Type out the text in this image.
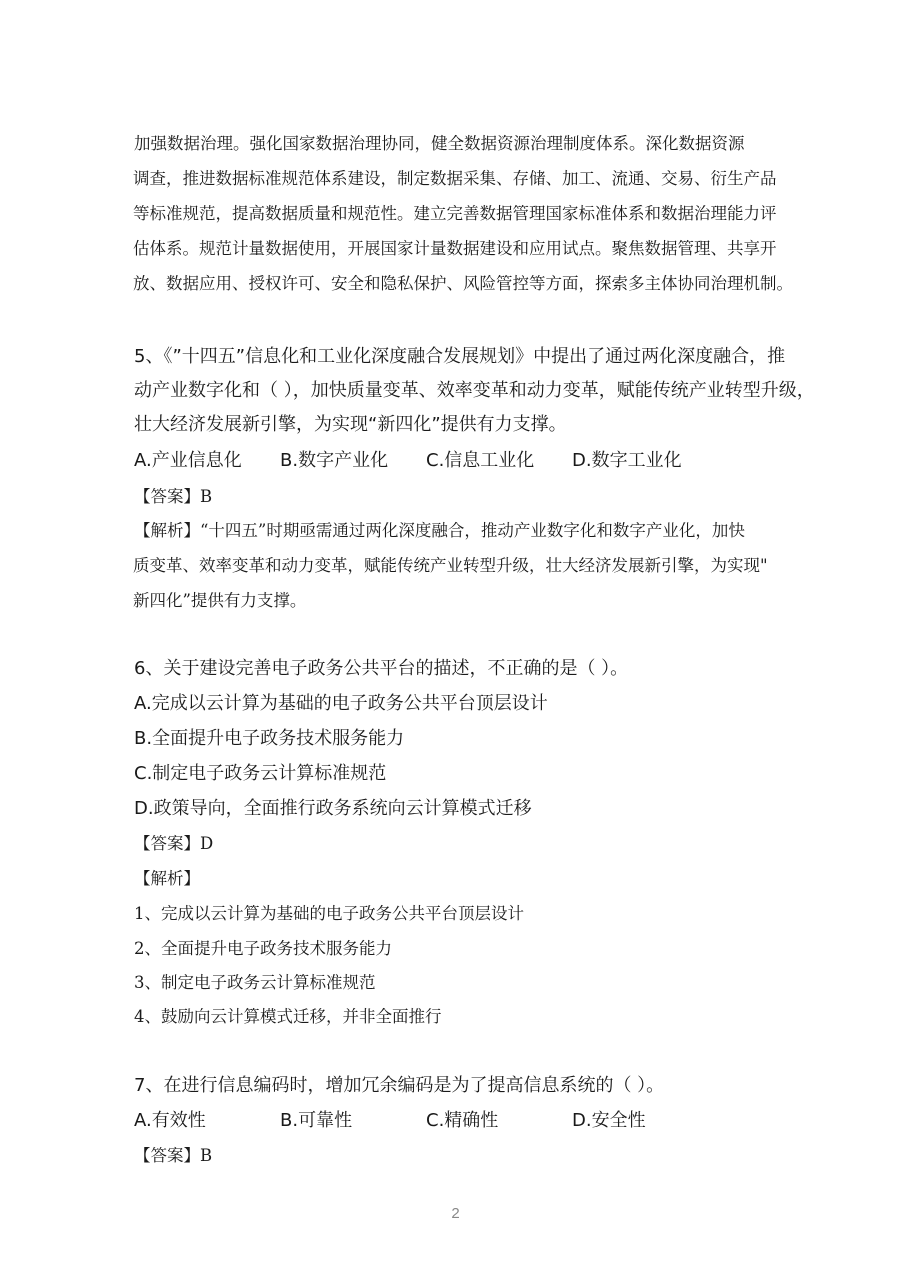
加强数据治理。强化国家数据治理协同，健全数据资源治理制度体系。深化数据资源
调查，推进数据标准规范体系建设，制定数据采集、存储、加工、流通、交易、衍生产品
等标准规范，提高数据质量和规范性。建立完善数据管理国家标准体系和数据治理能力评
估体系。规范计量数据使用，开展国家计量数据建设和应用试点。聚焦数据管理、共享开
放、数据应用、授权许可、安全和隐私保护、风险管控等方面，探索多主体协同治理机制。
5、《”十四五”信息化和工业化深度融合发展规划》中提出了通过两化深度融合，推
动产业数字化和（ ），加快质量变革、效率变革和动力变革，赋能传统产业转型升级，
壮大经济发展新引擎，为实现“新四化”提供有力支撑。
A.产业信息化 B.数字产业化 C.信息工业化 D.数字工业化
【答案】B
【解析】“十四五”时期亟需通过两化深度融合，推动产业数字化和数字产业化，加快
质变革、效率变革和动力变革，赋能传统产业转型升级，壮大经济发展新引擎，为实现"
新四化”提供有力支撑。
6、关于建设完善电子政务公共平台的描述，不正确的是（ ）。
A.完成以云计算为基础的电子政务公共平台顶层设计
B.全面提升电子政务技术服务能力
C.制定电子政务云计算标准规范
D.政策导向，全面推行政务系统向云计算模式迁移
【答案】D
【解析】
1、完成以云计算为基础的电子政务公共平台顶层设计
2、全面提升电子政务技术服务能力
3、制定电子政务云计算标准规范
4、鼓励向云计算模式迁移，并非全面推行
7、在进行信息编码时，增加冗余编码是为了提高信息系统的（ ）。
A.有效性	B.可靠性	C.精确性	D.安全性
【答案】B
2
